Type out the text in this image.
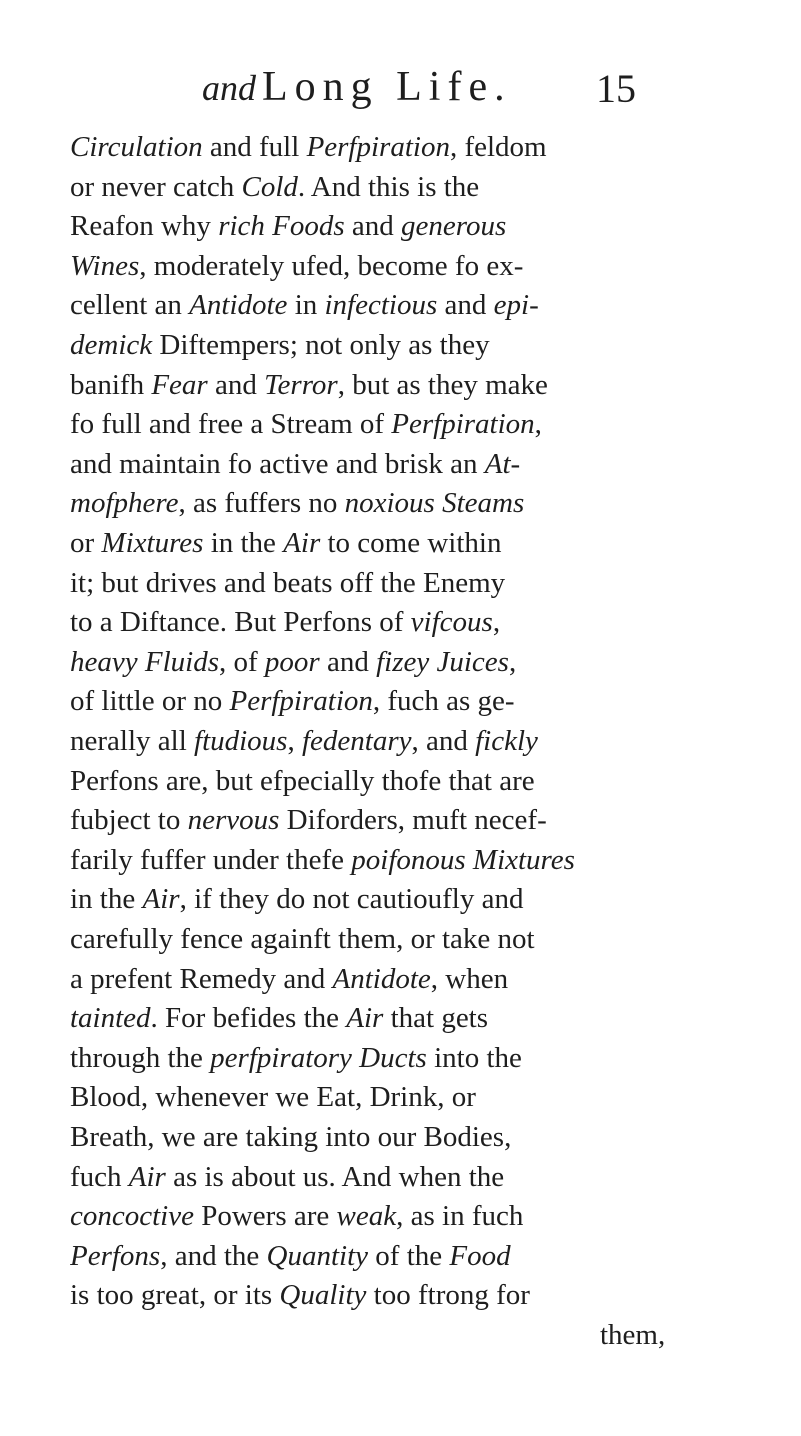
and Long Life. 15
Circulation and full Perfpiration, feldom
or never catch Cold. And this is the
Reafon why rich Foods and generous
Wines, moderately ufed, become fo ex-
cellent an Antidote in infectious and epi-
demick Diftempers; not only as they
banifh Fear and Terror, but as they make
fo full and free a Stream of Perfpiration,
and maintain fo active and brisk an At-
mofphere, as fuffers no noxious Steams
or Mixtures in the Air to come within
it; but drives and beats off the Enemy
to a Diftance. But Perfons of vifcous,
heavy Fluids, of poor and fizey Juices,
of little or no Perfpiration, fuch as ge-
nerally all ftudious, fedentary, and fickly
Perfons are, but efpecially thofe that are
fubject to nervous Diforders, muft necef-
farily fuffer under thefe poifonous Mixtures
in the Air, if they do not cautioufly and
carefully fence againft them, or take not
a prefent Remedy and Antidote, when
tainted. For befides the Air that gets
through the perfpiratory Ducts into the
Blood, whenever we Eat, Drink, or
Breath, we are taking into our Bodies,
fuch Air as is about us. And when the
concoctive Powers are weak, as in fuch
Perfons, and the Quantity of the Food
is too great, or its Quality too ftrong for
them,
